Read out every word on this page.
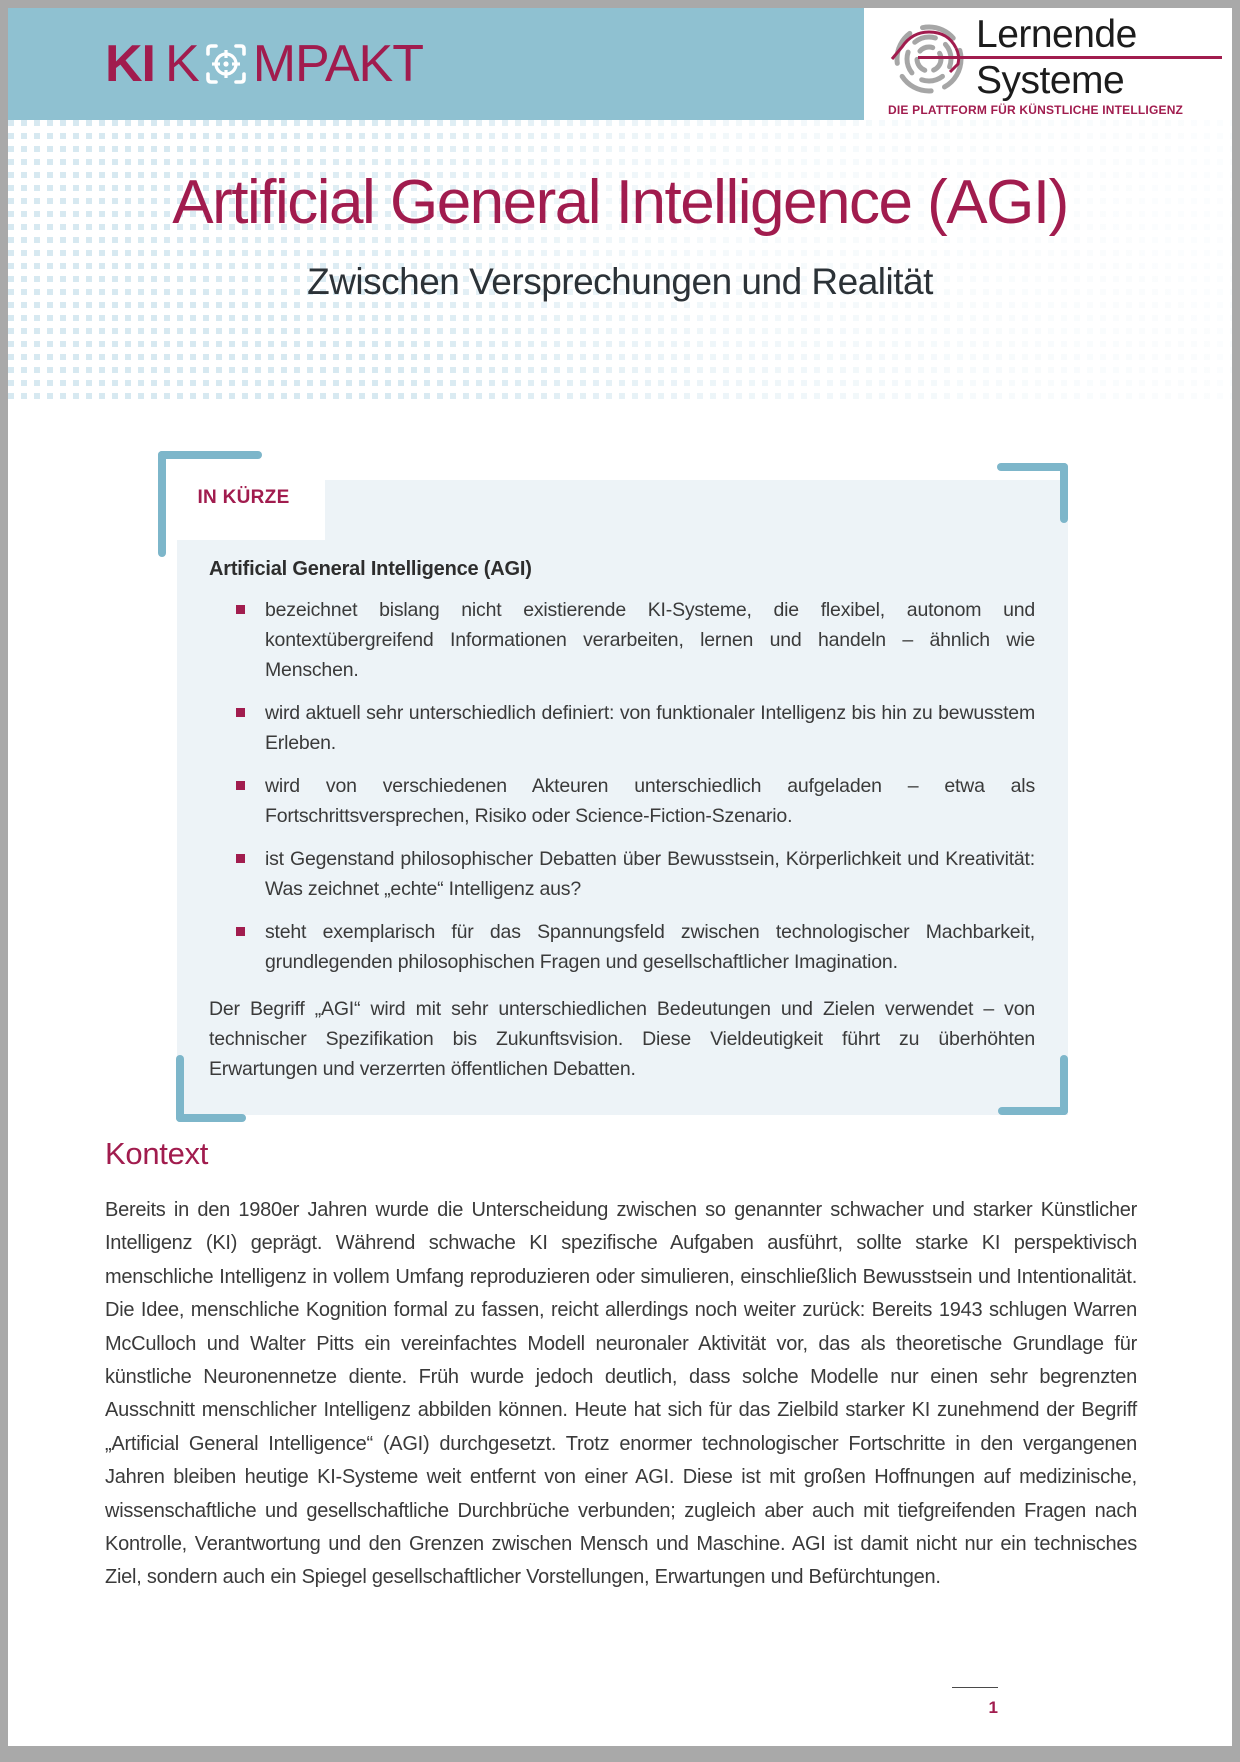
KI K MPAKT
Lernende
Systeme
DIE PLATTFORM FÜR KÜNSTLICHE INTELLIGENZ
Artificial General Intelligence (AGI)
Zwischen Versprechungen und Realität
IN KÜRZE

Artificial General Intelligence (AGI)

bezeichnet bislang nicht existierende KI-Systeme, die flexibel, autonom und kontextübergreifend Informationen verarbeiten, lernen und handeln – ähnlich wie Menschen.
wird aktuell sehr unterschiedlich definiert: von funktionaler Intelligenz bis hin zu bewusstem Erleben.
wird von verschiedenen Akteuren unterschiedlich aufgeladen – etwa als Fortschrittsversprechen, Risiko oder Science-Fiction-Szenario.
ist Gegenstand philosophischer Debatten über Bewusstsein, Körperlichkeit und Kreativität: Was zeichnet „echte“ Intelligenz aus?
steht exemplarisch für das Spannungsfeld zwischen technologischer Machbarkeit, grundlegenden philosophischen Fragen und gesellschaftlicher Imagination.

Der Begriff „AGI“ wird mit sehr unterschiedlichen Bedeutungen und Zielen verwendet – von technischer Spezifikation bis Zukunftsvision. Diese Vieldeutigkeit führt zu überhöhten Erwartungen und verzerrten öffentlichen Debatten.

Kontext

Bereits in den 1980er Jahren wurde die Unterscheidung zwischen so genannter schwacher und starker Künstlicher Intelligenz (KI) geprägt. Während schwache KI spezifische Aufgaben ausführt, sollte starke KI perspektivisch menschliche Intelligenz in vollem Umfang reproduzieren oder simulieren, einschließlich Bewusstsein und Intentionalität. Die Idee, menschliche Kognition formal zu fassen, reicht allerdings noch weiter zurück: Bereits 1943 schlugen Warren McCulloch und Walter Pitts ein vereinfachtes Modell neuronaler Aktivität vor, das als theoretische Grundlage für künstliche Neuronennetze diente. Früh wurde jedoch deutlich, dass solche Modelle nur einen sehr begrenzten Ausschnitt menschlicher Intelligenz abbilden können. Heute hat sich für das Zielbild starker KI zunehmend der Begriff „Artificial General Intelligence“ (AGI) durchgesetzt. Trotz enormer technologischer Fortschritte in den vergangenen Jahren bleiben heutige KI-Systeme weit entfernt von einer AGI. Diese ist mit großen Hoffnungen auf medizinische, wissenschaftliche und gesellschaftliche Durchbrüche verbunden; zugleich aber auch mit tiefgreifenden Fragen nach Kontrolle, Verantwortung und den Grenzen zwischen Mensch und Maschine. AGI ist damit nicht nur ein technisches Ziel, sondern auch ein Spiegel gesellschaftlicher Vorstellungen, Erwartungen und Befürchtungen.

1
